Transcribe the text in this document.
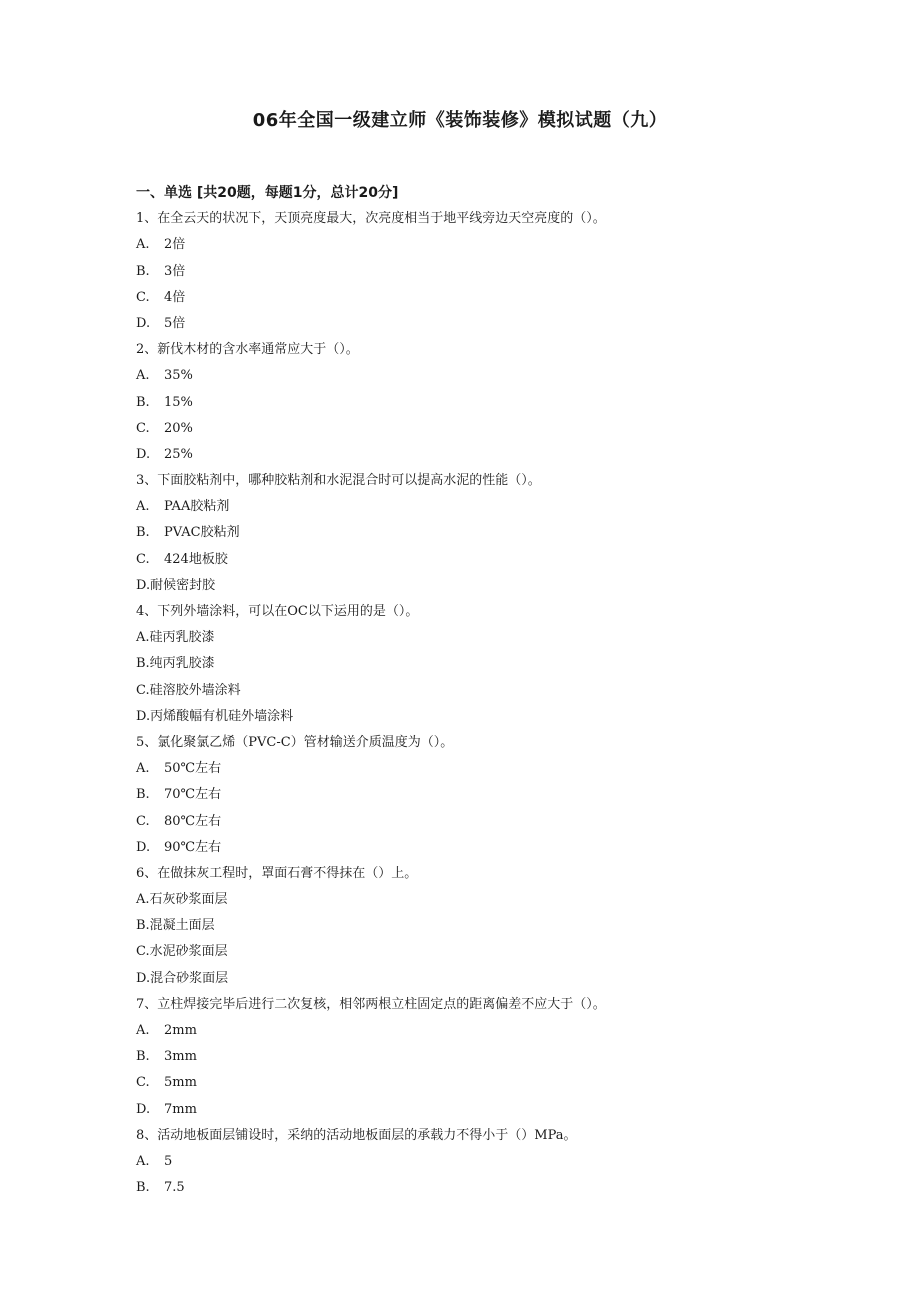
06年全国一级建立师《装饰装修》模拟试题（九）
一、单选 [共20题，每题1分，总计20分]
1、在全云天的状况下，天顶亮度最大，次亮度相当于地平线旁边天空亮度的（）。
A. 2倍
B. 3倍
C. 4倍
D. 5倍
2、新伐木材的含水率通常应大于（）。
A. 35%
B. 15%
C. 20%
D. 25%
3、下面胶粘剂中，哪种胶粘剂和水泥混合时可以提高水泥的性能（）。
A. PAA胶粘剂
B. PVAC胶粘剂
C. 424地板胶
D.耐候密封胶
4、下列外墙涂料，可以在OC以下运用的是（）。
A.硅丙乳胶漆
B.纯丙乳胶漆
C.硅溶胶外墙涂料
D.丙烯酸幅有机硅外墙涂料
5、氯化聚氯乙烯（PVC-C）管材输送介质温度为（）。
A. 50℃左右
B. 70℃左右
C. 80℃左右
D. 90℃左右
6、在做抹灰工程时，罩面石膏不得抹在（）上。
A.石灰砂浆面层
B.混凝土面层
C.水泥砂浆面层
D.混合砂浆面层
7、立柱焊接完毕后进行二次复核，相邻两根立柱固定点的距离偏差不应大于（）。
A. 2mm
B. 3mm
C. 5mm
D. 7mm
8、活动地板面层铺设时，采纳的活动地板面层的承载力不得小于（）MPa。
A. 5
B. 7.5
